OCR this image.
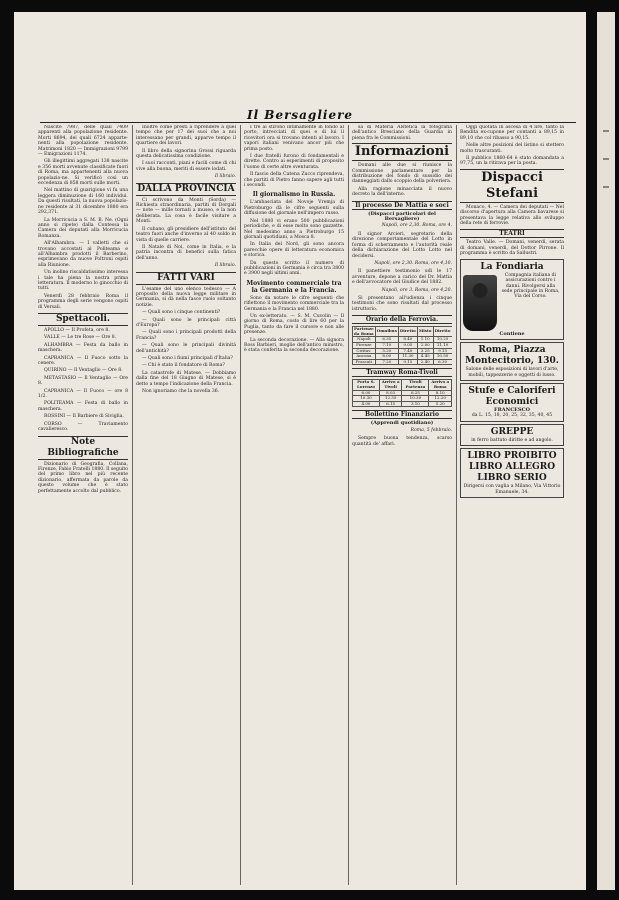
Il Bersagliere

Nascite 7987, delle quali 7409 apparenti alla popolazione residente. Morti 8694, dei quali 6724 apparte-nenti alla popolazione residente. Matrimoni 1820 — Immigrazioni 9799 — Emigrazioni 1174.

Gli illegittimi aggregati 138 nascite e 356 morti avvenute classificate fuori di Roma, ma appartenenti alla nuova popolazio-ne. Si verificò così un eccedenza di 858 morti sulle morti.

Nel mattino di guarigione vi fu una leggera diminuzione di 160 individui. Da questi risultati, la nuova popolazio-ne residente al 31 dicembre 1880 era 292,371.

La Morricucia a S. M. B. Ne. (Ogni anno si ripete) dalla Contessa la Camera dei deputati alla Morricucia Romanza.

All'Alhambra. — I valletti che si trovano accostati al Politeama e all'Alhambra prodotti il Barberino, esprimevano da nuove Poltroni ospiti alla Riunione.

Un inolino riscaldatissimo interessa i tale ha piena la nostra prima letteratura. Il moderno lo ginocchio di tutti.

Venerdì 28 febbraio Roma il programma degli serie vengono ospiti di Versali.

Spettacoli.

APOLLO — Il Profeta, ore 8.

VALLE — Le tre Rose — Ore 8.

ALHAMBRA — Festa da ballo in maschera.

CAPRANICA — Il Fuoco sotto la cenere.

QUIRINO — Il Ventaglio — Ore 8.

METASTASIO — Il Ventaglio — Ore 8.

CAPRANICA — Il Fuoco — ore 8 1/2.

POLITEAMA — Festa di ballo in maschera.

ROSSINI — Il Barbiere di Siviglia.

CORSO — Traviamento cavalieresco.

Note Bibliografiche

Dizionario di Geografia, Collana, Firenze, Fabio Fratelli 1880. Il seguito del primo libro nel più recente dizionario, affermata da parole da questo volume che è stato perfettamente accolto dal pubblico.

Inoltre come presti a riprendere a quel tempo che per 17 dei suoi che a noi interessano per grandi, apparve tempo il quartiere dei lavori.

Il libro della signorina Grossi riguarda questa delicatissima condizione.

I suoi racconti, piani e facili come di chi vive alla buona, meriti di essere lodati.

Il libraio.
DALLA PROVINCIA

Ci scrivono da Monti (Sorda) — Richiesta straordinaria, partiti di Dorgali — note — mille tornati a museo, e la non deliberata. La cosa è facile visitare a Monti.

Il cubano, gli presidiere dell'istituto del teatro fuori anche d'inverno al 40 soldo in vista di quelle carriere.

Il Natale di Noi, come in Italia, e la patria incontra di benefici sulla fatica dell'anno.

Il libraio.
FATTI VARI

L'esame del uno elenco tedesco — A proposito della nuova legge militare in Germania, si dà nella fasce ruolo soltanto notizie.

— Quali sono i cinque continenti?

— Quali sono le principali città d'Europa?

— Quali sono i principali prodotti della Francia?

— Quali sono le principali divinità dell'antichità?

— Quali sono i fiumi principali d'Italia?

— Chi è stato il fondatore di Roma?

La catastrofe di Matese. — Dobbiamo dalla fine del 18 Giugno di Matese, si è detto a tempo l'indicazione della Francia.

Non ignoriamo che la novella 36.

I tre ai stirono intimamente in fondo al porto, intrecciati di quei e di lui il ricevitori ora si trovano intenti al lavoro. I vapori italiani venivano ancor più che prima posto.

I due fratelli furono di fondamentali e dirette. Contro ai esperimenti di proposito l'uomo di certe altre sventurata.

Il fascio della Catena Zucco riprendeva, che partiti di Pietro fanno sapere agli tutti i secondi.

Il giornalismo in Russia.

L'ambasciata del Novoje Vremja di Pietroburgo dà le cifre seguenti sulla diffusione del giornale nell'impero russo.

Nel 1880 vi erano 500 pubblicazioni periodiche, e di esse molto sono gazzette. Nel medesimo anno a Pietroburgo 15 giornali quotidiani, a Mosca 8.

In Italia del Nord, gli sono ancora parecchie opere di letteratura economica e storica.

Da questo scritto il numero di pubblicazioni in Germania è circa tra 3800 e 3900 negli ultimi anni.

Movimento commerciale tra la Germania e la Francia.

Sono da notare le cifre seguenti che riflettono il movimento commerciale tra la Germania e la Francia nel 1880.

Un ex-letterato. — S. M. Cuvolin — Il giorno di Roma, costo di lire 60 per la Puglia, tanto da fare il cursore e non alle presenze.

La seconda decorazione. — Alla signora Ross Barbieri, moglie dell'antico ministro, è stata conferita la seconda decorazione.

sa di Materia Alstetica la fotografia dell'antico Bresciano della Guardia in piena fra le Commissioni.

Informazioni

Domani alle due si riunisce la Commissione parlamentare per la distribuzione del fondo di sussidio dei danneggiati dallo scoppio della polveriera.

Alla ragione minacciata il nuovo decreto la dell'interno.

Il processo De Mattia e soci
(Dispacci particolari del Bersagliere)
Napoli, ore 2,30. Roma, ore 4.

Il signor Arcieri, segretario della direzione comportamentale del Lotto in forma di scherzamento e l'autorità reale della dichiarazione del Lotto Lotto nel decidersi.

Napoli, ore 2,30. Roma, ore 4,10.

Il panettiere testimonio udì le 17 avventure, depone a carico del Dr. Mattia e dell'avvocatore del Giudice del 1882.

Napoli, ore 3. Roma, ore 4,20.

Si presentano all'udienza i cinque testimoni che sono risultati dal processo istruttorio.

Orario della Ferrovia.
Partenze da Roma	Omnibus	Diretto	Misto	Diretto
Napoli	6.35	8.40	1.10	10.25
Firenze	7.10	9.05	2.00	11.10
Civitav.	5.20	7.40	3.25	9.15
Ancona	8.00	11.30	4.45	10.50
Frascati	7.20	9.15	2.40	6.30
Tramway Roma-Tivoli
Porta S. Lorenzo	Arrivo a Tivoli	Tivoli Partenza	Arrivo a Roma
6.00	8.03	6.25	8.10
10.30	12.35	10.30	12.20
4.00	6.15	3.10	5.20
Bollettino Finanziario
(Apprendi quotidiano)
Roma, 5 febbraio.

Sempre buona tendenza, scarso quantità de' affari.

Oggi quotata in ascesa di 4 lire, tanto la Rendita ex-cupone per contanti a 89,15 in 89,10 che col ribasso a 90,15.

Nelle altre posizioni del listino si stettero molto trascuranti.

Il pubblico 1860-64 è stato domandata a 97,75, un la ritirava per la posta.

Dispacci Stefani

Monaco, 4. — Camera dei deputati — Nel discorso d'apertura alla Camera bavarese si presentava la legge relativa allo sviluppo della rete di ferrovie.

TEATRI

Teatro Valle. — Domani, venerdì, serata di domani, venerdì, del Dottor Pirrone. Il programma è scritto da Sallustri.

La Fondiaria
Compagnia italiana di assicurazioni contro i danni. Rivolgersi alla sede principale in Roma, Via del Corso.
Contiene
Roma, Piazza Montecitorio, 130.
Salone delle esposizioni di lavori d'arte, mobili, tappezzerie e oggetti di lusso.
Stufe e Caloriferi Economici
FRANCESCO
da L. 15, 18, 20, 25, 32, 35, 40, 45
GREPPE
in ferro battuto diritte e ad angolo.
LIBRO PROIBITO
LIBRO ALLEGRO
LIBRO SERIO
Dirigersi con vaglia a Milano, Via Vittorio Emanuele, 34.
